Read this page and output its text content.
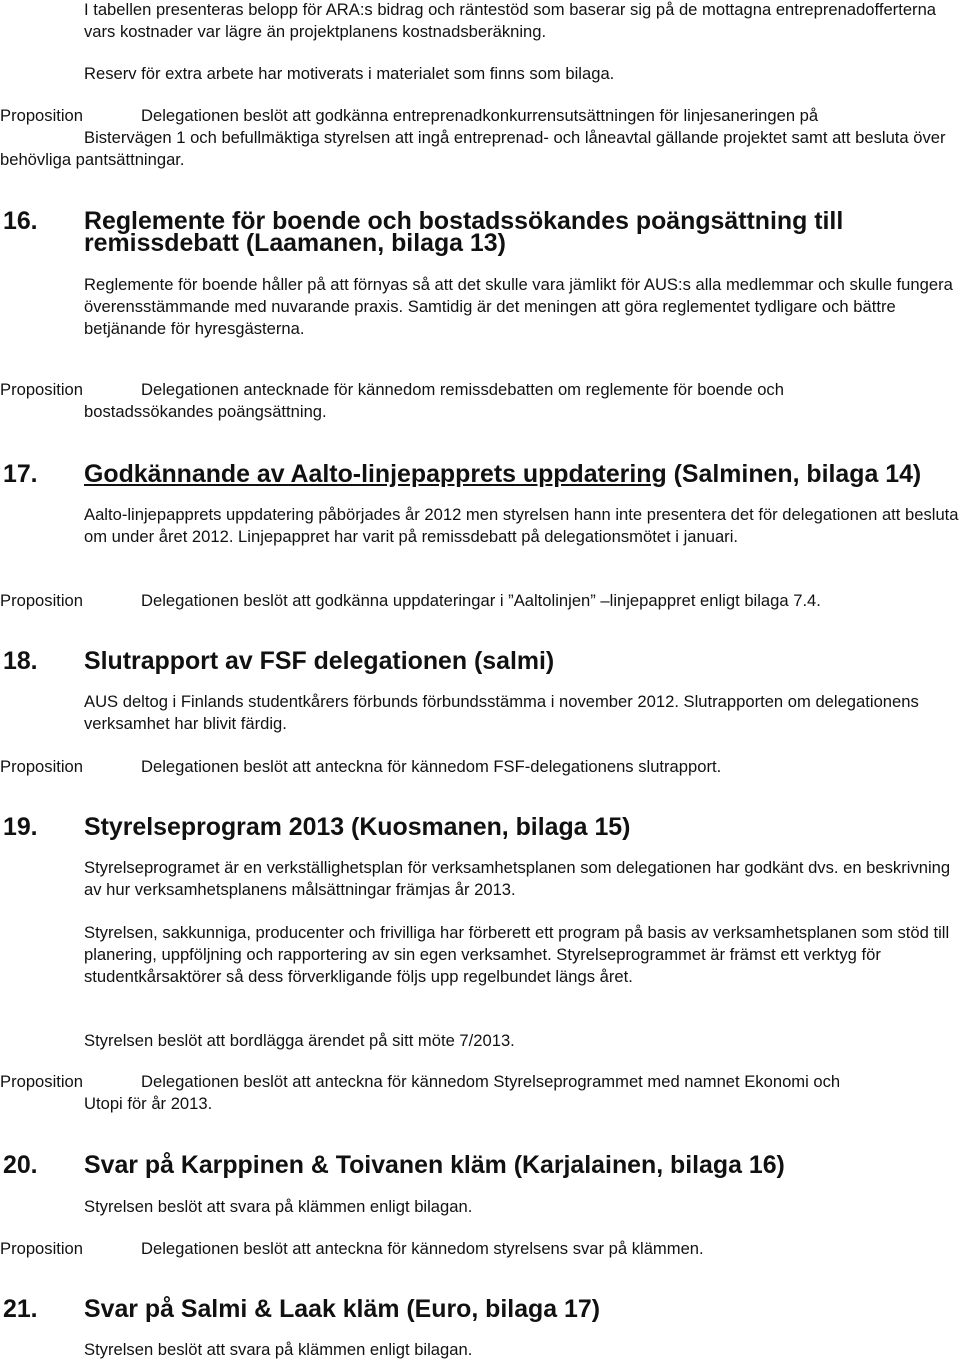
I tabellen presenteras belopp för ARA:s bidrag och räntestöd som baserar sig på de mottagna entreprenadofferterna vars kostnader var lägre än projektplanens kostnadsberäkning.

Reserv för extra arbete har motiverats i materialet som finns som bilaga.

Proposition	Delegationen beslöt att godkänna entreprenadkonkurrensutsättningen för linjesaneringen på
Bistervägen 1 och befullmäktiga styrelsen att ingå entreprenad- och låneavtal gällande projektet samt att besluta över behövliga pantsättningar.

16. Reglemente för boende och bostadssökandes poängsättning till remissdebatt (Laamanen, bilaga 13)

Reglemente för boende håller på att förnyas så att det skulle vara jämlikt för AUS:s alla medlemmar och skulle fungera överensstämmande med nuvarande praxis. Samtidig är det meningen att göra reglementet tydligare och bättre betjänande för hyresgästerna.

Proposition	Delegationen antecknade för kännedom remissdebatten om reglemente för boende och
bostadssökandes poängsättning.

17. Godkännande av Aalto-linjepapprets uppdatering (Salminen, bilaga 14)

Aalto-linjepapprets uppdatering påbörjades år 2012 men styrelsen hann inte presentera det för delegationen att besluta om under året 2012. Linjepappret har varit på remissdebatt på delegationsmötet i januari.

Proposition	Delegationen beslöt att godkänna uppdateringar i ”Aaltolinjen” –linjepappret enligt bilaga 7.4.

18. Slutrapport av FSF delegationen (salmi)

AUS deltog i Finlands studentkårers förbunds förbundsstämma i november 2012. Slutrapporten om delegationens verksamhet har blivit färdig.

Proposition	Delegationen beslöt att anteckna för kännedom FSF-delegationens slutrapport.

19. Styrelseprogram 2013 (Kuosmanen, bilaga 15)

Styrelseprogramet är en verkställighetsplan för verksamhetsplanen som delegationen har godkänt dvs. en beskrivning av hur verksamhetsplanens målsättningar främjas år 2013.

Styrelsen, sakkunniga, producenter och frivilliga har förberett ett program på basis av verksamhetsplanen som stöd till planering, uppföljning och rapportering av sin egen verksamhet. Styrelseprogrammet är främst ett verktyg för studentkårsaktörer så dess förverkligande följs upp regelbundet längs året.

Styrelsen beslöt att bordlägga ärendet på sitt möte 7/2013.

Proposition	Delegationen beslöt att anteckna för kännedom Styrelseprogrammet med namnet Ekonomi och
Utopi för år 2013.

20. Svar på Karppinen & Toivanen kläm (Karjalainen, bilaga 16)

Styrelsen beslöt att svara på klämmen enligt bilagan.

Proposition	Delegationen beslöt att anteckna för kännedom styrelsens svar på klämmen.

21. Svar på Salmi & Laak kläm (Euro, bilaga 17)

Styrelsen beslöt att svara på klämmen enligt bilagan.
